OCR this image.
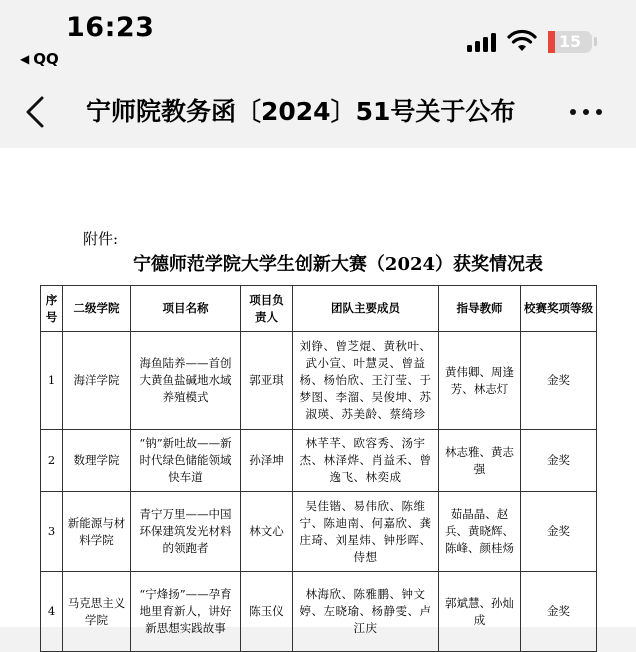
16:23
◀ QQ
15
宁师院教务函〔2024〕51号关于公布
附件:
宁德师范学院大学生创新大赛（2024）获奖情况表
序号	二级学院	项目名称	项目负责人	团队主要成员	指导教师	校赛奖项等级
1	海洋学院	海鱼陆养——首创大黄鱼盐碱地水域养殖模式	郭亚琪	刘铮、曾芝焜、黄秋叶、武小宣、叶慧灵、曾益杨、杨怡欣、王汀莹、于梦图、李溜、吴俊坤、苏淑瑛、苏美龄、蔡绮珍	黄伟卿、周逢芳、林志灯	金奖
2	数理学院	“钠”新吐故——新时代绿色储能领域快车道	孙泽坤	林芊芊、欧容秀、汤宇杰、林泽烨、肖益禾、曾逸飞、林奕成	林志雅、黄志强	金奖
3	新能源与材料学院	青宁万里——中国环保建筑发光材料的领跑者	林文心	吴佳锴、易伟欣、陈维宁、陈迪南、何嘉欣、龚庄琦、刘星炜、钟彤晖、侍想	茹晶晶、赵兵、黄晓辉、陈峰、颜桂炀	金奖
4	马克思主义学院	“宁烽扬”——孕育地里育新人，讲好新思想实践故事	陈玉仪	林海欣、陈雅鹏、钟文婷、左晓瑜、杨静雯、卢江庆	郭斌慧、孙灿成	金奖
